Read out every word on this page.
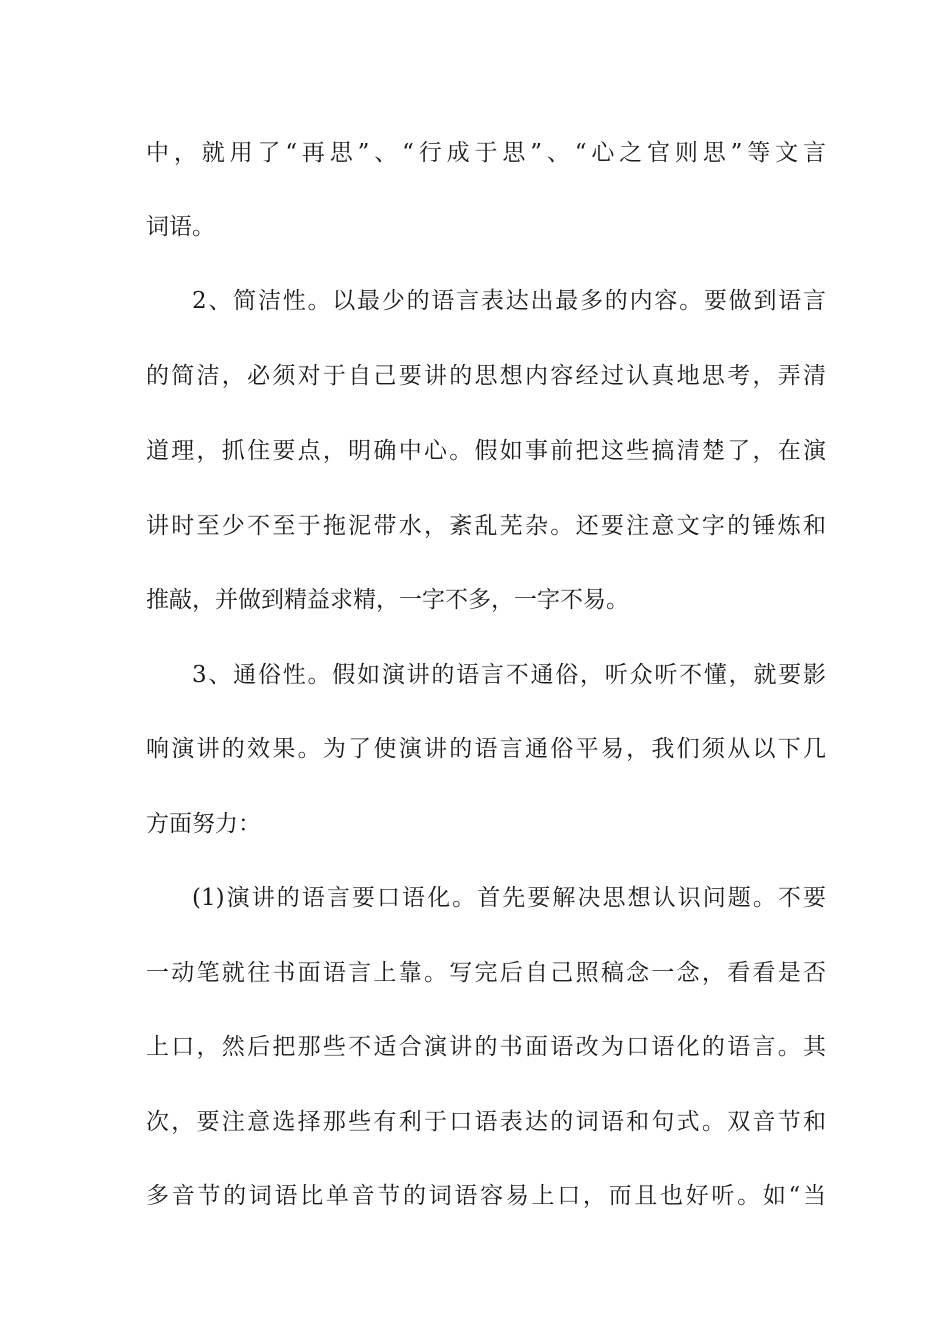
中，就用了“再思”、“行成于思”、“心之官则思”等文言
词语。
2、简洁性。以最少的语言表达出最多的内容。要做到语言
的简洁，必须对于自己要讲的思想内容经过认真地思考，弄清
道理，抓住要点，明确中心。假如事前把这些搞清楚了，在演
讲时至少不至于拖泥带水，紊乱芜杂。还要注意文字的锤炼和
推敲，并做到精益求精，一字不多，一字不易。
3、通俗性。假如演讲的语言不通俗，听众听不懂，就要影
响演讲的效果。为了使演讲的语言通俗平易，我们须从以下几
方面努力：
(1)演讲的语言要口语化。首先要解决思想认识问题。不要
一动笔就往书面语言上靠。写完后自己照稿念一念，看看是否
上口，然后把那些不适合演讲的书面语改为口语化的语言。其
次，要注意选择那些有利于口语表达的词语和句式。双音节和
多音节的词语比单音节的词语容易上口，而且也好听。如“当
